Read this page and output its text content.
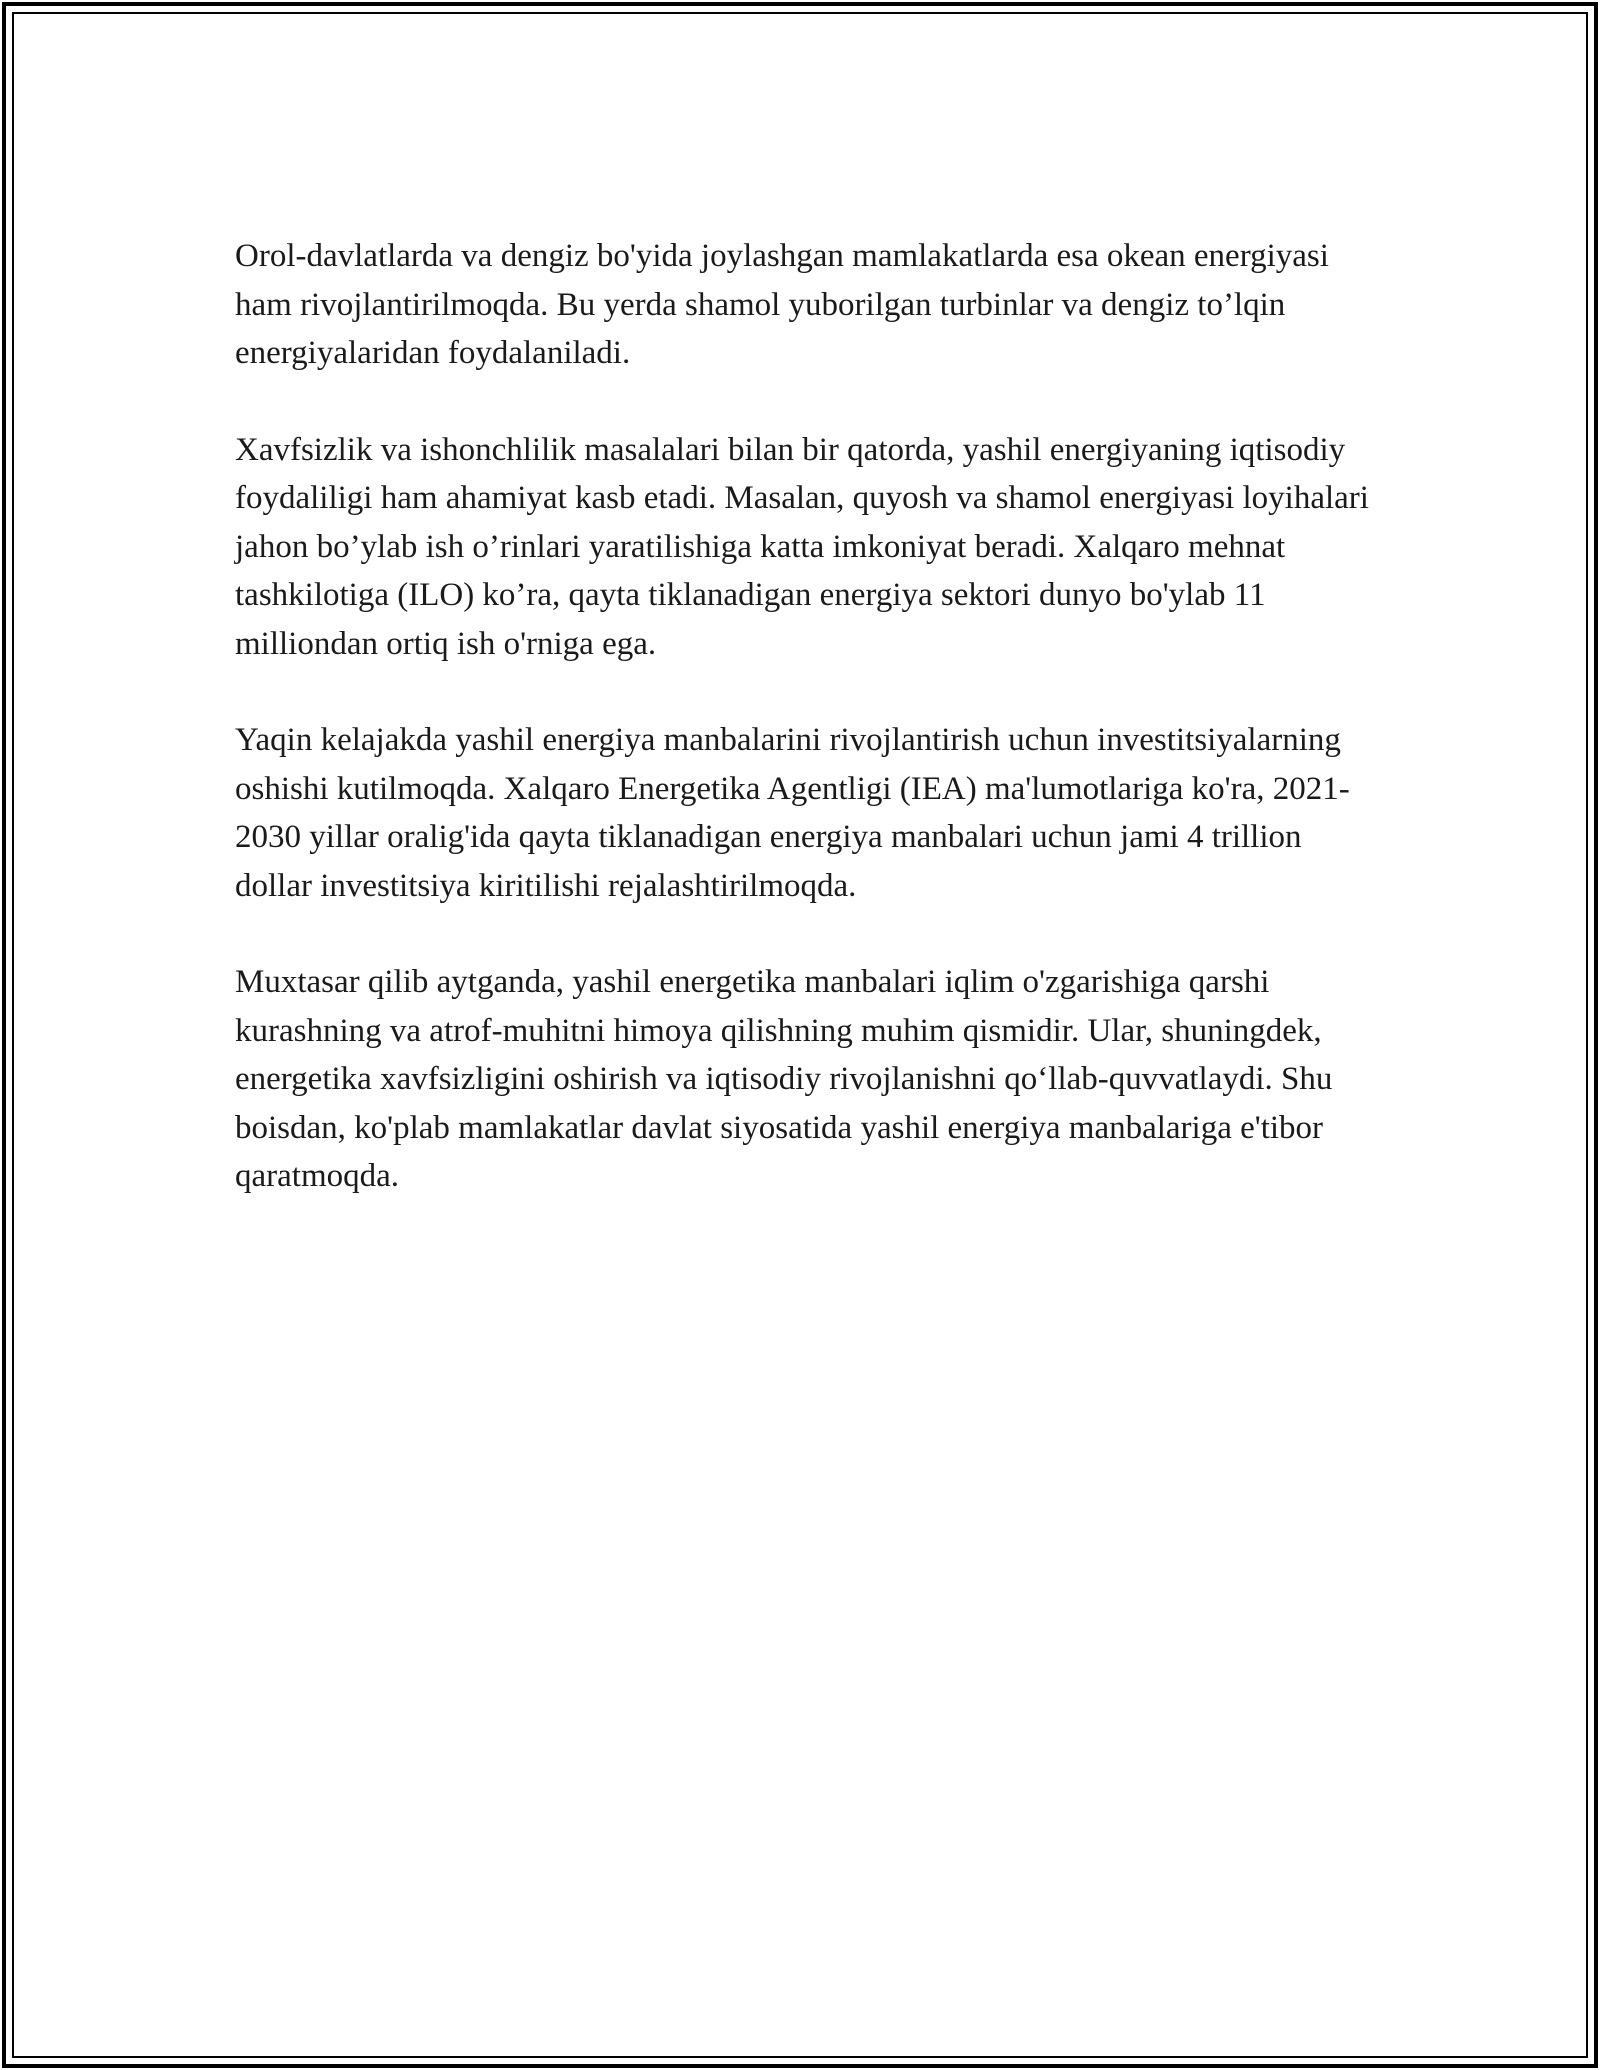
Orol-davlatlarda va dengiz bo'yida joylashgan mamlakatlarda esa okean energiyasi ham rivojlantirilmoqda. Bu yerda shamol yuborilgan turbinlar va dengiz to’lqin energiyalaridan foydalaniladi.

Xavfsizlik va ishonchlilik masalalari bilan bir qatorda, yashil energiyaning iqtisodiy foydaliligi ham ahamiyat kasb etadi. Masalan, quyosh va shamol energiyasi loyihalari jahon bo’ylab ish o’rinlari yaratilishiga katta imkoniyat beradi. Xalqaro mehnat tashkilotiga (ILO) ko’ra, qayta tiklanadigan energiya sektori dunyo bo'ylab 11 milliondan ortiq ish o'rniga ega.

Yaqin kelajakda yashil energiya manbalarini rivojlantirish uchun investitsiyalarning oshishi kutilmoqda. Xalqaro Energetika Agentligi (IEA) ma'lumotlariga ko'ra, 2021-2030 yillar oralig'ida qayta tiklanadigan energiya manbalari uchun jami 4 trillion dollar investitsiya kiritilishi rejalashtirilmoqda.

Muxtasar qilib aytganda, yashil energetika manbalari iqlim o'zgarishiga qarshi kurashning va atrof-muhitni himoya qilishning muhim qismidir. Ular, shuningdek, energetika xavfsizligini oshirish va iqtisodiy rivojlanishni qo‘llab-quvvatlaydi. Shu boisdan, ko'plab mamlakatlar davlat siyosatida yashil energiya manbalariga e'tibor qaratmoqda.
